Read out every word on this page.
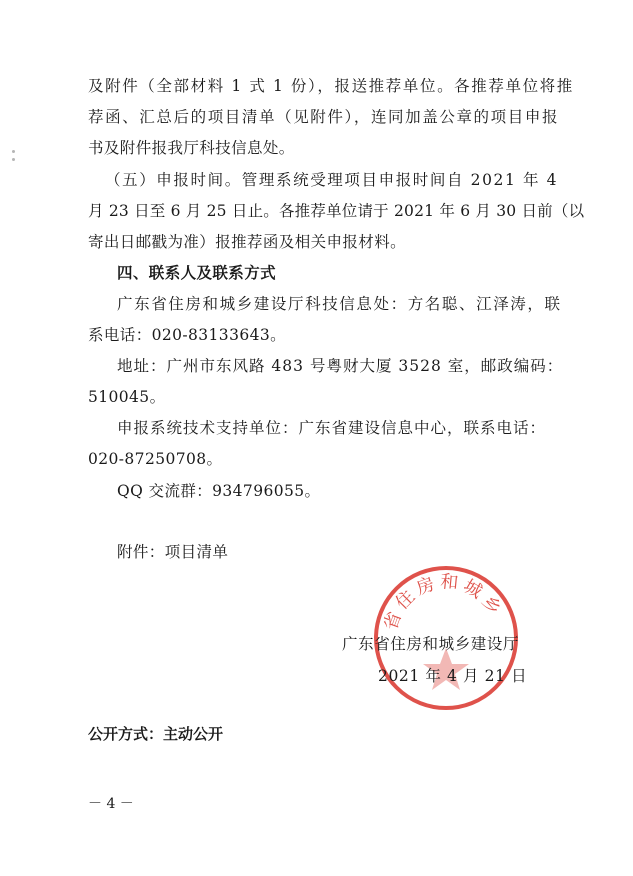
及附件（全部材料 1 式 1 份），报送推荐单位。各推荐单位将推
荐函、汇总后的项目清单（见附件），连同加盖公章的项目申报
书及附件报我厅科技信息处。
（五）申报时间。管理系统受理项目申报时间自 2021 年 4
月 23 日至 6 月 25 日止。各推荐单位请于 2021 年 6 月 30 日前（以
寄出日邮戳为准）报推荐函及相关申报材料。
四、联系人及联系方式
广东省住房和城乡建设厅科技信息处：方名聪、江泽涛，联
系电话：020-83133643。
地址：广州市东风路 483 号粤财大厦 3528 室，邮政编码：
510045。
申报系统技术支持单位：广东省建设信息中心，联系电话：
020-87250708。
QQ 交流群：934796055。
附件：项目清单
省住房和城乡
广东省住房和城乡建设厅
2021 年 4 月 21 日
公开方式：主动公开
－ 4 －
